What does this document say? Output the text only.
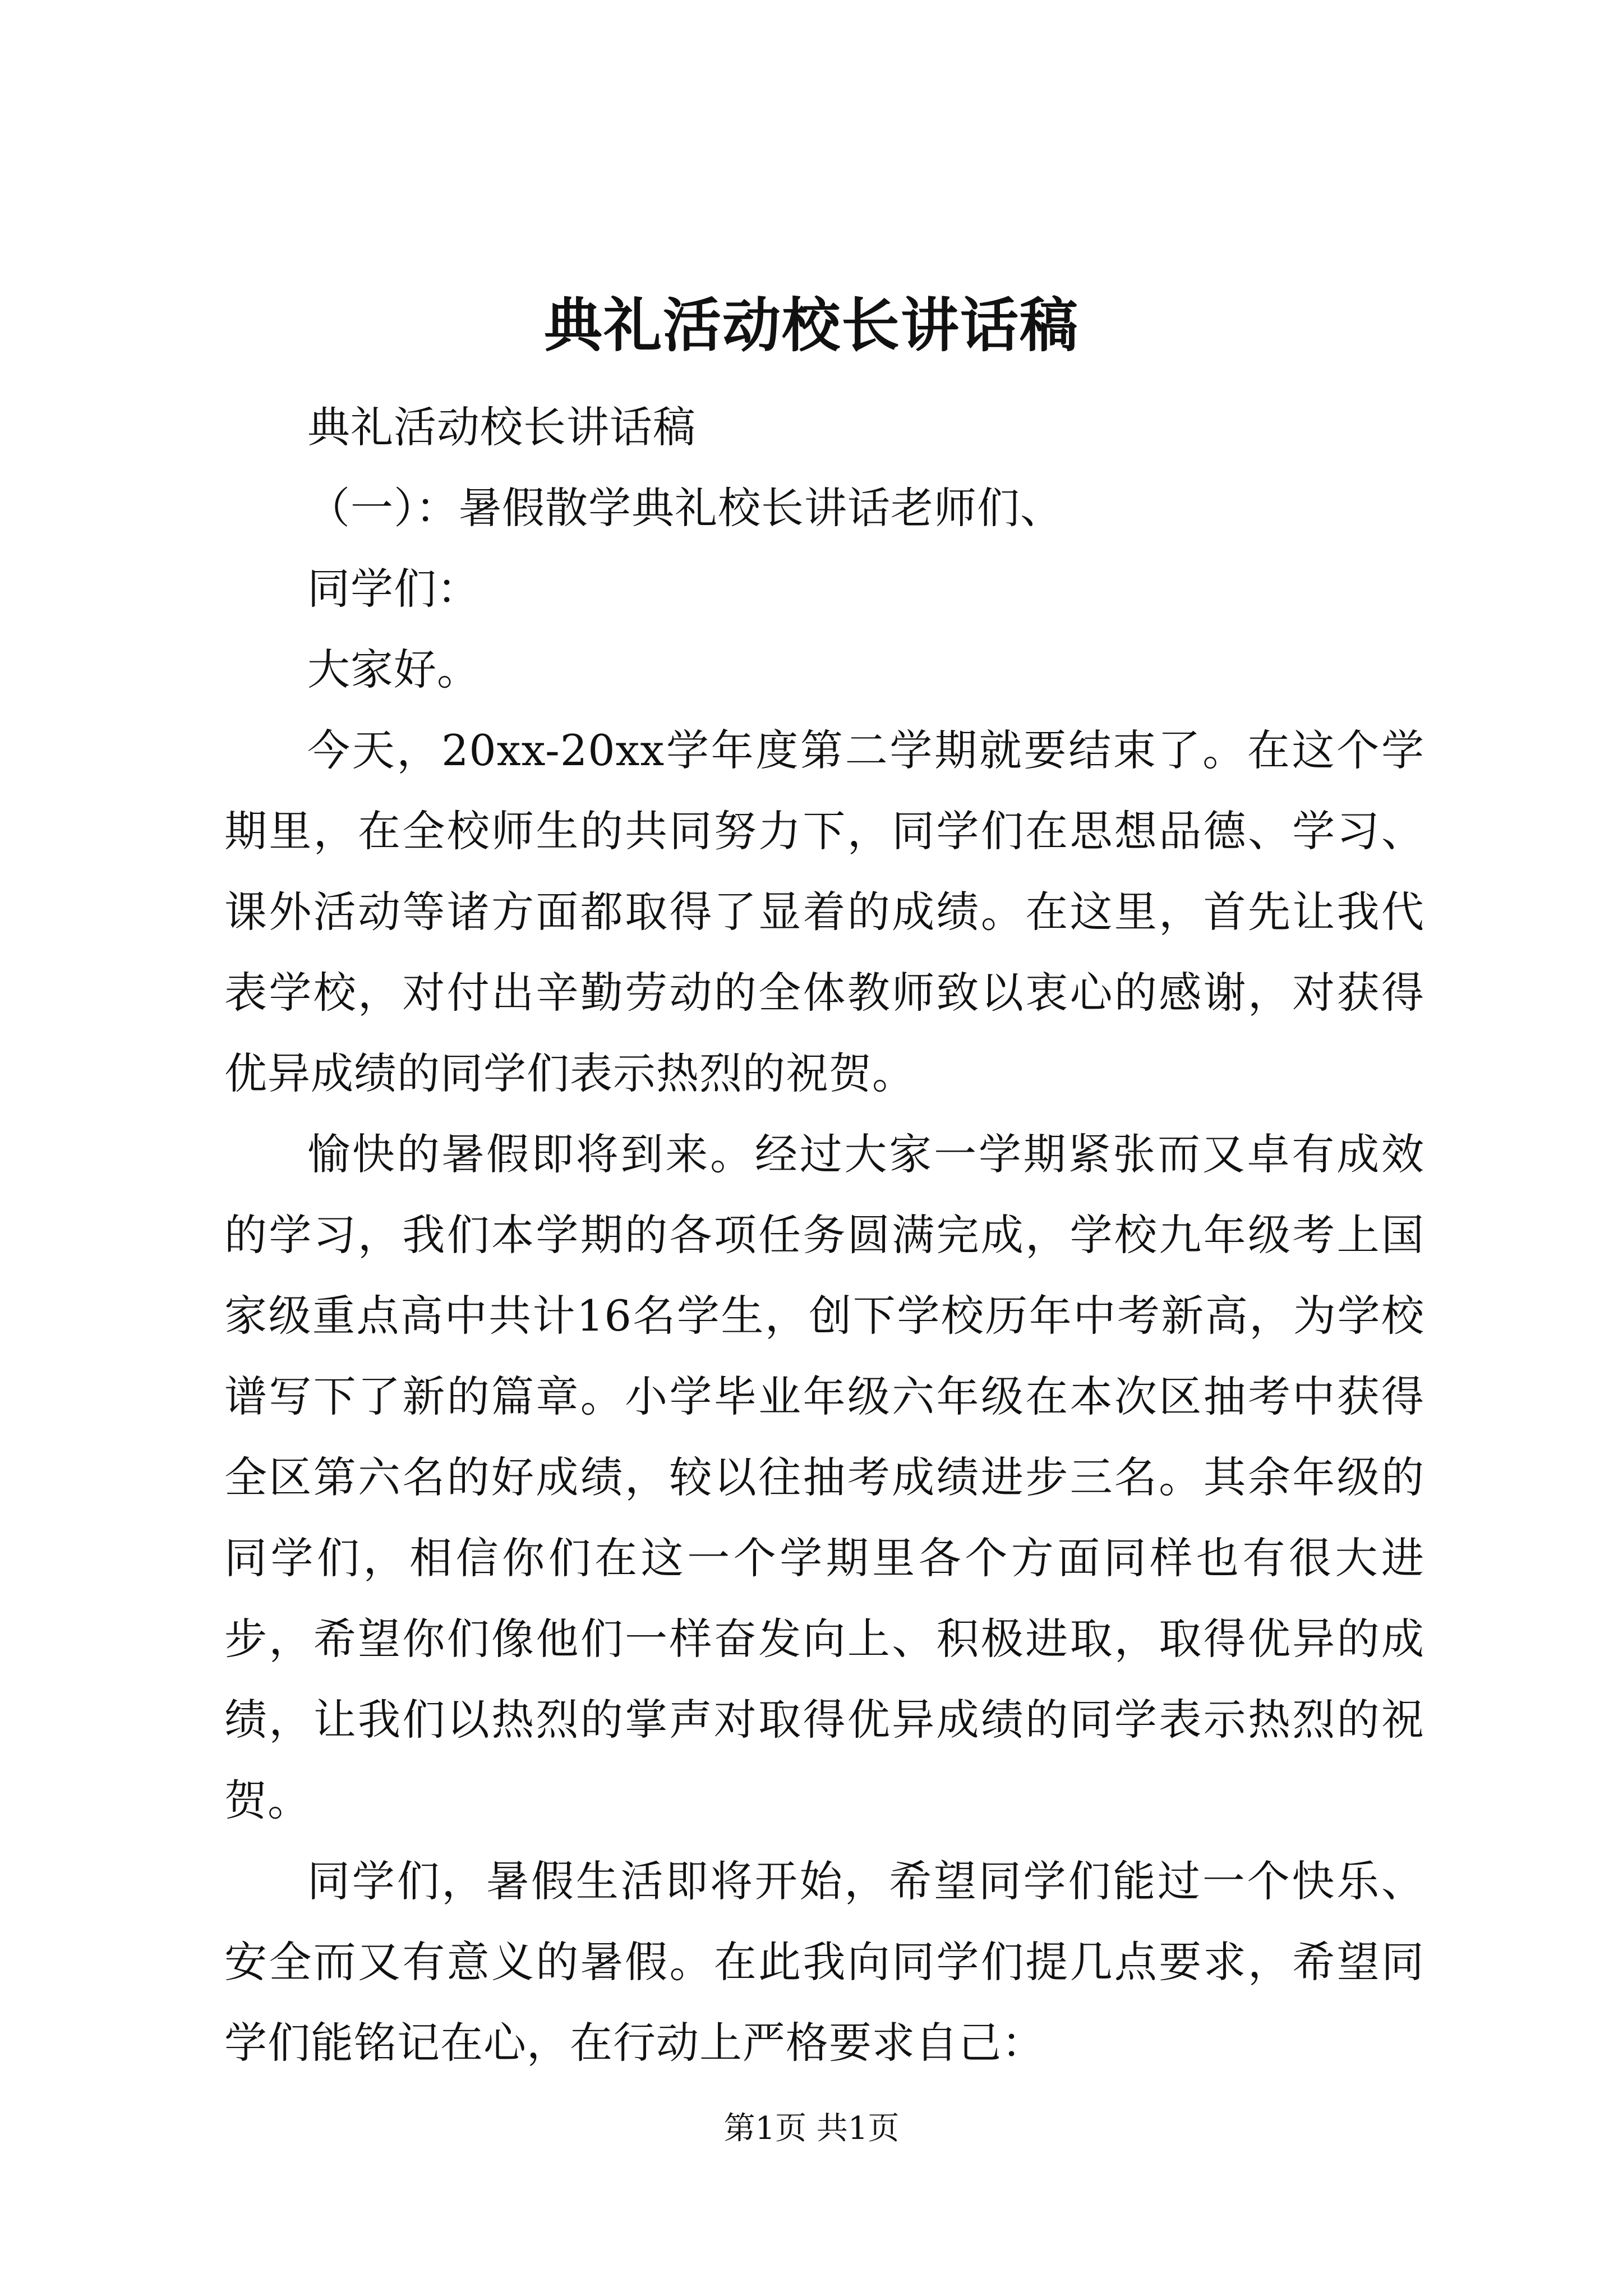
典礼活动校长讲话稿

典礼活动校长讲话稿

（一）：暑假散学典礼校长讲话老师们、

同学们：

大家好。

今天，20xx-20xx学年度第二学期就要结束了。在这个学期里，在全校师生的共同努力下，同学们在思想品德、学习、课外活动等诸方面都取得了显着的成绩。在这里，首先让我代表学校，对付出辛勤劳动的全体教师致以衷心的感谢，对获得优异成绩的同学们表示热烈的祝贺。

愉快的暑假即将到来。经过大家一学期紧张而又卓有成效的学习，我们本学期的各项任务圆满完成，学校九年级考上国家级重点高中共计16名学生，创下学校历年中考新高，为学校谱写下了新的篇章。小学毕业年级六年级在本次区抽考中获得全区第六名的好成绩，较以往抽考成绩进步三名。其余年级的同学们，相信你们在这一个学期里各个方面同样也有很大进步，希望你们像他们一样奋发向上、积极进取，取得优异的成绩，让我们以热烈的掌声对取得优异成绩的同学表示热烈的祝贺。

同学们，暑假生活即将开始，希望同学们能过一个快乐、安全而又有意义的暑假。在此我向同学们提几点要求，希望同学们能铭记在心，在行动上严格要求自己：

第1页 共1页
